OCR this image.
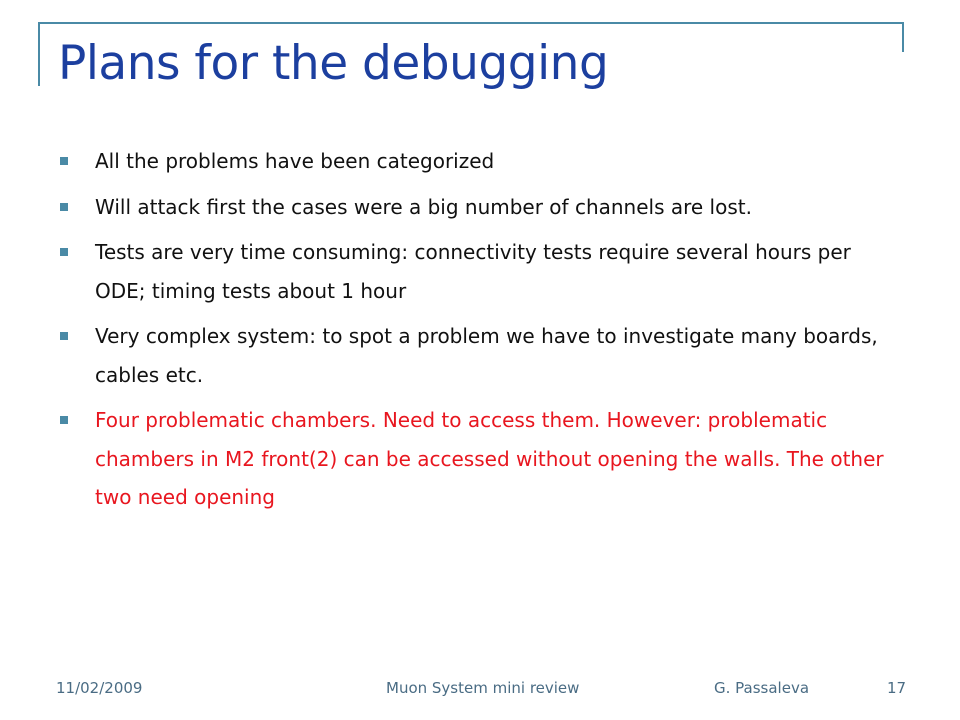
Plans for the debugging
All the problems have been categorized
Will attack first the cases were a big number of channels are lost.
Tests are very time consuming: connectivity tests require several hours per ODE; timing tests about 1 hour
Very complex system: to spot a problem we have to investigate many boards, cables etc.
Four problematic chambers. Need to access them. However: problematic chambers in M2 front(2) can be accessed without opening the walls. The other two need opening
11/02/2009	Muon System mini review	G. Passaleva	17
